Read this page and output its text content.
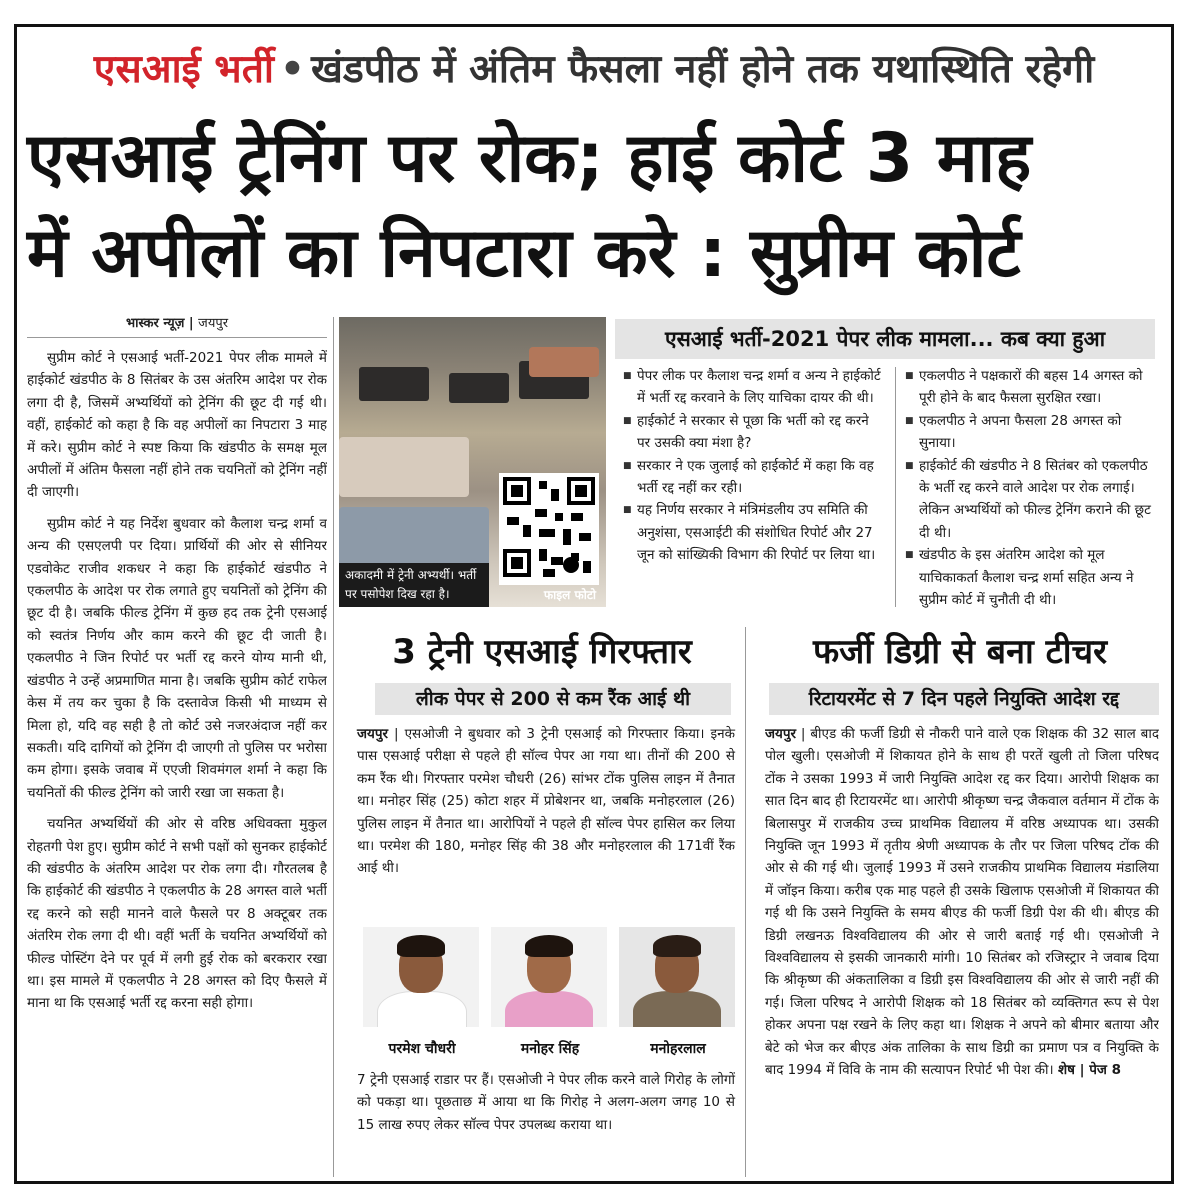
एसआई भर्ती • खंडपीठ में अंतिम फैसला नहीं होने तक यथास्थिति रहेगी
एसआई ट्रेनिंग पर रोक; हाई कोर्ट 3 माह
में अपीलों का निपटारा करे : सुप्रीम कोर्ट
भास्कर न्यूज़ | जयपुर

सुप्रीम कोर्ट ने एसआई भर्ती-2021 पेपर लीक मामले में हाईकोर्ट खंडपीठ के 8 सितंबर के उस अंतरिम आदेश पर रोक लगा दी है, जिसमें अभ्यर्थियों को ट्रेनिंग की छूट दी गई थी। वहीं, हाईकोर्ट को कहा है कि वह अपीलों का निपटारा 3 माह में करे। सुप्रीम कोर्ट ने स्पष्ट किया कि खंडपीठ के समक्ष मूल अपीलों में अंतिम फैसला नहीं होने तक चयनितों को ट्रेनिंग नहीं दी जाएगी।

सुप्रीम कोर्ट ने यह निर्देश बुधवार को कैलाश चन्द्र शर्मा व अन्य की एसएलपी पर दिया। प्रार्थियों की ओर से सीनियर एडवोकेट राजीव शकधर ने कहा कि हाईकोर्ट खंडपीठ ने एकलपीठ के आदेश पर रोक लगाते हुए चयनितों को ट्रेनिंग की छूट दी है। जबकि फील्ड ट्रेनिंग में कुछ हद तक ट्रेनी एसआई को स्वतंत्र निर्णय और काम करने की छूट दी जाती है। एकलपीठ ने जिन रिपोर्ट पर भर्ती रद्द करने योग्य मानी थी, खंडपीठ ने उन्हें अप्रमाणित माना है। जबकि सुप्रीम कोर्ट राफेल केस में तय कर चुका है कि दस्तावेज किसी भी माध्यम से मिला हो, यदि वह सही है तो कोर्ट उसे नजरअंदाज नहीं कर सकती। यदि दागियों को ट्रेनिंग दी जाएगी तो पुलिस पर भरोसा कम होगा। इसके जवाब में एएजी शिवमंगल शर्मा ने कहा कि चयनितों की फील्ड ट्रेनिंग को जारी रखा जा सकता है।

चयनित अभ्यर्थियों की ओर से वरिष्ठ अधिवक्ता मुकुल रोहतगी पेश हुए। सुप्रीम कोर्ट ने सभी पक्षों को सुनकर हाईकोर्ट की खंडपीठ के अंतरिम आदेश पर रोक लगा दी। गौरतलब है कि हाईकोर्ट की खंडपीठ ने एकलपीठ के 28 अगस्त वाले भर्ती रद्द करने को सही मानने वाले फैसले पर 8 अक्टूबर तक अंतरिम रोक लगा दी थी। वहीं भर्ती के चयनित अभ्यर्थियों को फील्ड पोस्टिंग देने पर पूर्व में लगी हुई रोक को बरकरार रखा था। इस मामले में एकलपीठ ने 28 अगस्त को दिए फैसले में माना था कि एसआई भर्ती रद्द करना सही होगा।

अकादमी में ट्रेनी अभ्यर्थी। भर्ती पर पसोपेश दिख रहा है।	फाइल फोटो
एसआई भर्ती-2021 पेपर लीक मामला... कब क्या हुआ
■ पेपर लीक पर कैलाश चन्द्र शर्मा व अन्य ने हाईकोर्ट में भर्ती रद्द करवाने के लिए याचिका दायर की थी।
■ हाईकोर्ट ने सरकार से पूछा कि भर्ती को रद्द करने पर उसकी क्या मंशा है?
■ सरकार ने एक जुलाई को हाईकोर्ट में कहा कि वह भर्ती रद्द नहीं कर रही।
■ यह निर्णय सरकार ने मंत्रिमंडलीय उप समिति की अनुशंसा, एसआईटी की संशोधित रिपोर्ट और 27 जून को सांख्यिकी विभाग की रिपोर्ट पर लिया था।
■ एकलपीठ ने पक्षकारों की बहस 14 अगस्त को पूरी होने के बाद फैसला सुरक्षित रखा।
■ एकलपीठ ने अपना फैसला 28 अगस्त को सुनाया।
■ हाईकोर्ट की खंडपीठ ने 8 सितंबर को एकलपीठ के भर्ती रद्द करने वाले आदेश पर रोक लगाई। लेकिन अभ्यर्थियों को फील्ड ट्रेनिंग कराने की छूट दी थी।
■ खंडपीठ के इस अंतरिम आदेश को मूल याचिकाकर्ता कैलाश चन्द्र शर्मा सहित अन्य ने सुप्रीम कोर्ट में चुनौती दी थी।
3 ट्रेनी एसआई गिरफ्तार
लीक पेपर से 200 से कम रैंक आई थी
जयपुर | एसओजी ने बुधवार को 3 ट्रेनी एसआई को गिरफ्तार किया। इनके पास एसआई परीक्षा से पहले ही सॉल्व पेपर आ गया था। तीनों की 200 से कम रैंक थी। गिरफ्तार परमेश चौधरी (26) सांभर टोंक पुलिस लाइन में तैनात था। मनोहर सिंह (25) कोटा शहर में प्रोबेशनर था, जबकि मनोहरलाल (26) पुलिस लाइन में तैनात था। आरोपियों ने पहले ही सॉल्व पेपर हासिल कर लिया था। परमेश की 180, मनोहर सिंह की 38 और मनोहरलाल की 171वीं रैंक आई थी।
परमेश चौधरी	मनोहर सिंह	मनोहरलाल
7 ट्रेनी एसआई राडार पर हैं। एसओजी ने पेपर लीक करने वाले गिरोह के लोगों को पकड़ा था। पूछताछ में आया था कि गिरोह ने अलग-अलग जगह 10 से 15 लाख रुपए लेकर सॉल्व पेपर उपलब्ध कराया था।
फर्जी डिग्री से बना टीचर
रिटायरमेंट से 7 दिन पहले नियुक्ति आदेश रद्द
जयपुर | बीएड की फर्जी डिग्री से नौकरी पाने वाले एक शिक्षक की 32 साल बाद पोल खुली। एसओजी में शिकायत होने के साथ ही परतें खुली तो जिला परिषद टोंक ने उसका 1993 में जारी नियुक्ति आदेश रद्द कर दिया। आरोपी शिक्षक का सात दिन बाद ही रिटायरमेंट था। आरोपी श्रीकृष्ण चन्द्र जैकवाल वर्तमान में टोंक के बिलासपुर में राजकीय उच्च प्राथमिक विद्यालय में वरिष्ठ अध्यापक था। उसकी नियुक्ति जून 1993 में तृतीय श्रेणी अध्यापक के तौर पर जिला परिषद टोंक की ओर से की गई थी। जुलाई 1993 में उसने राजकीय प्राथमिक विद्यालय मंडालिया में जॉइन किया। करीब एक माह पहले ही उसके खिलाफ एसओजी में शिकायत की गई थी कि उसने नियुक्ति के समय बीएड की फर्जी डिग्री पेश की थी। बीएड की डिग्री लखनऊ विश्वविद्यालय की ओर से जारी बताई गई थी। एसओजी ने विश्वविद्यालय से इसकी जानकारी मांगी। 10 सितंबर को रजिस्ट्रार ने जवाब दिया कि श्रीकृष्ण की अंकतालिका व डिग्री इस विश्वविद्यालय की ओर से जारी नहीं की गई। जिला परिषद ने आरोपी शिक्षक को 18 सितंबर को व्यक्तिगत रूप से पेश होकर अपना पक्ष रखने के लिए कहा था। शिक्षक ने अपने को बीमार बताया और बेटे को भेज कर बीएड अंक तालिका के साथ डिग्री का प्रमाण पत्र व नियुक्ति के बाद 1994 में विवि के नाम की सत्यापन रिपोर्ट भी पेश की। शेष | पेज 8
